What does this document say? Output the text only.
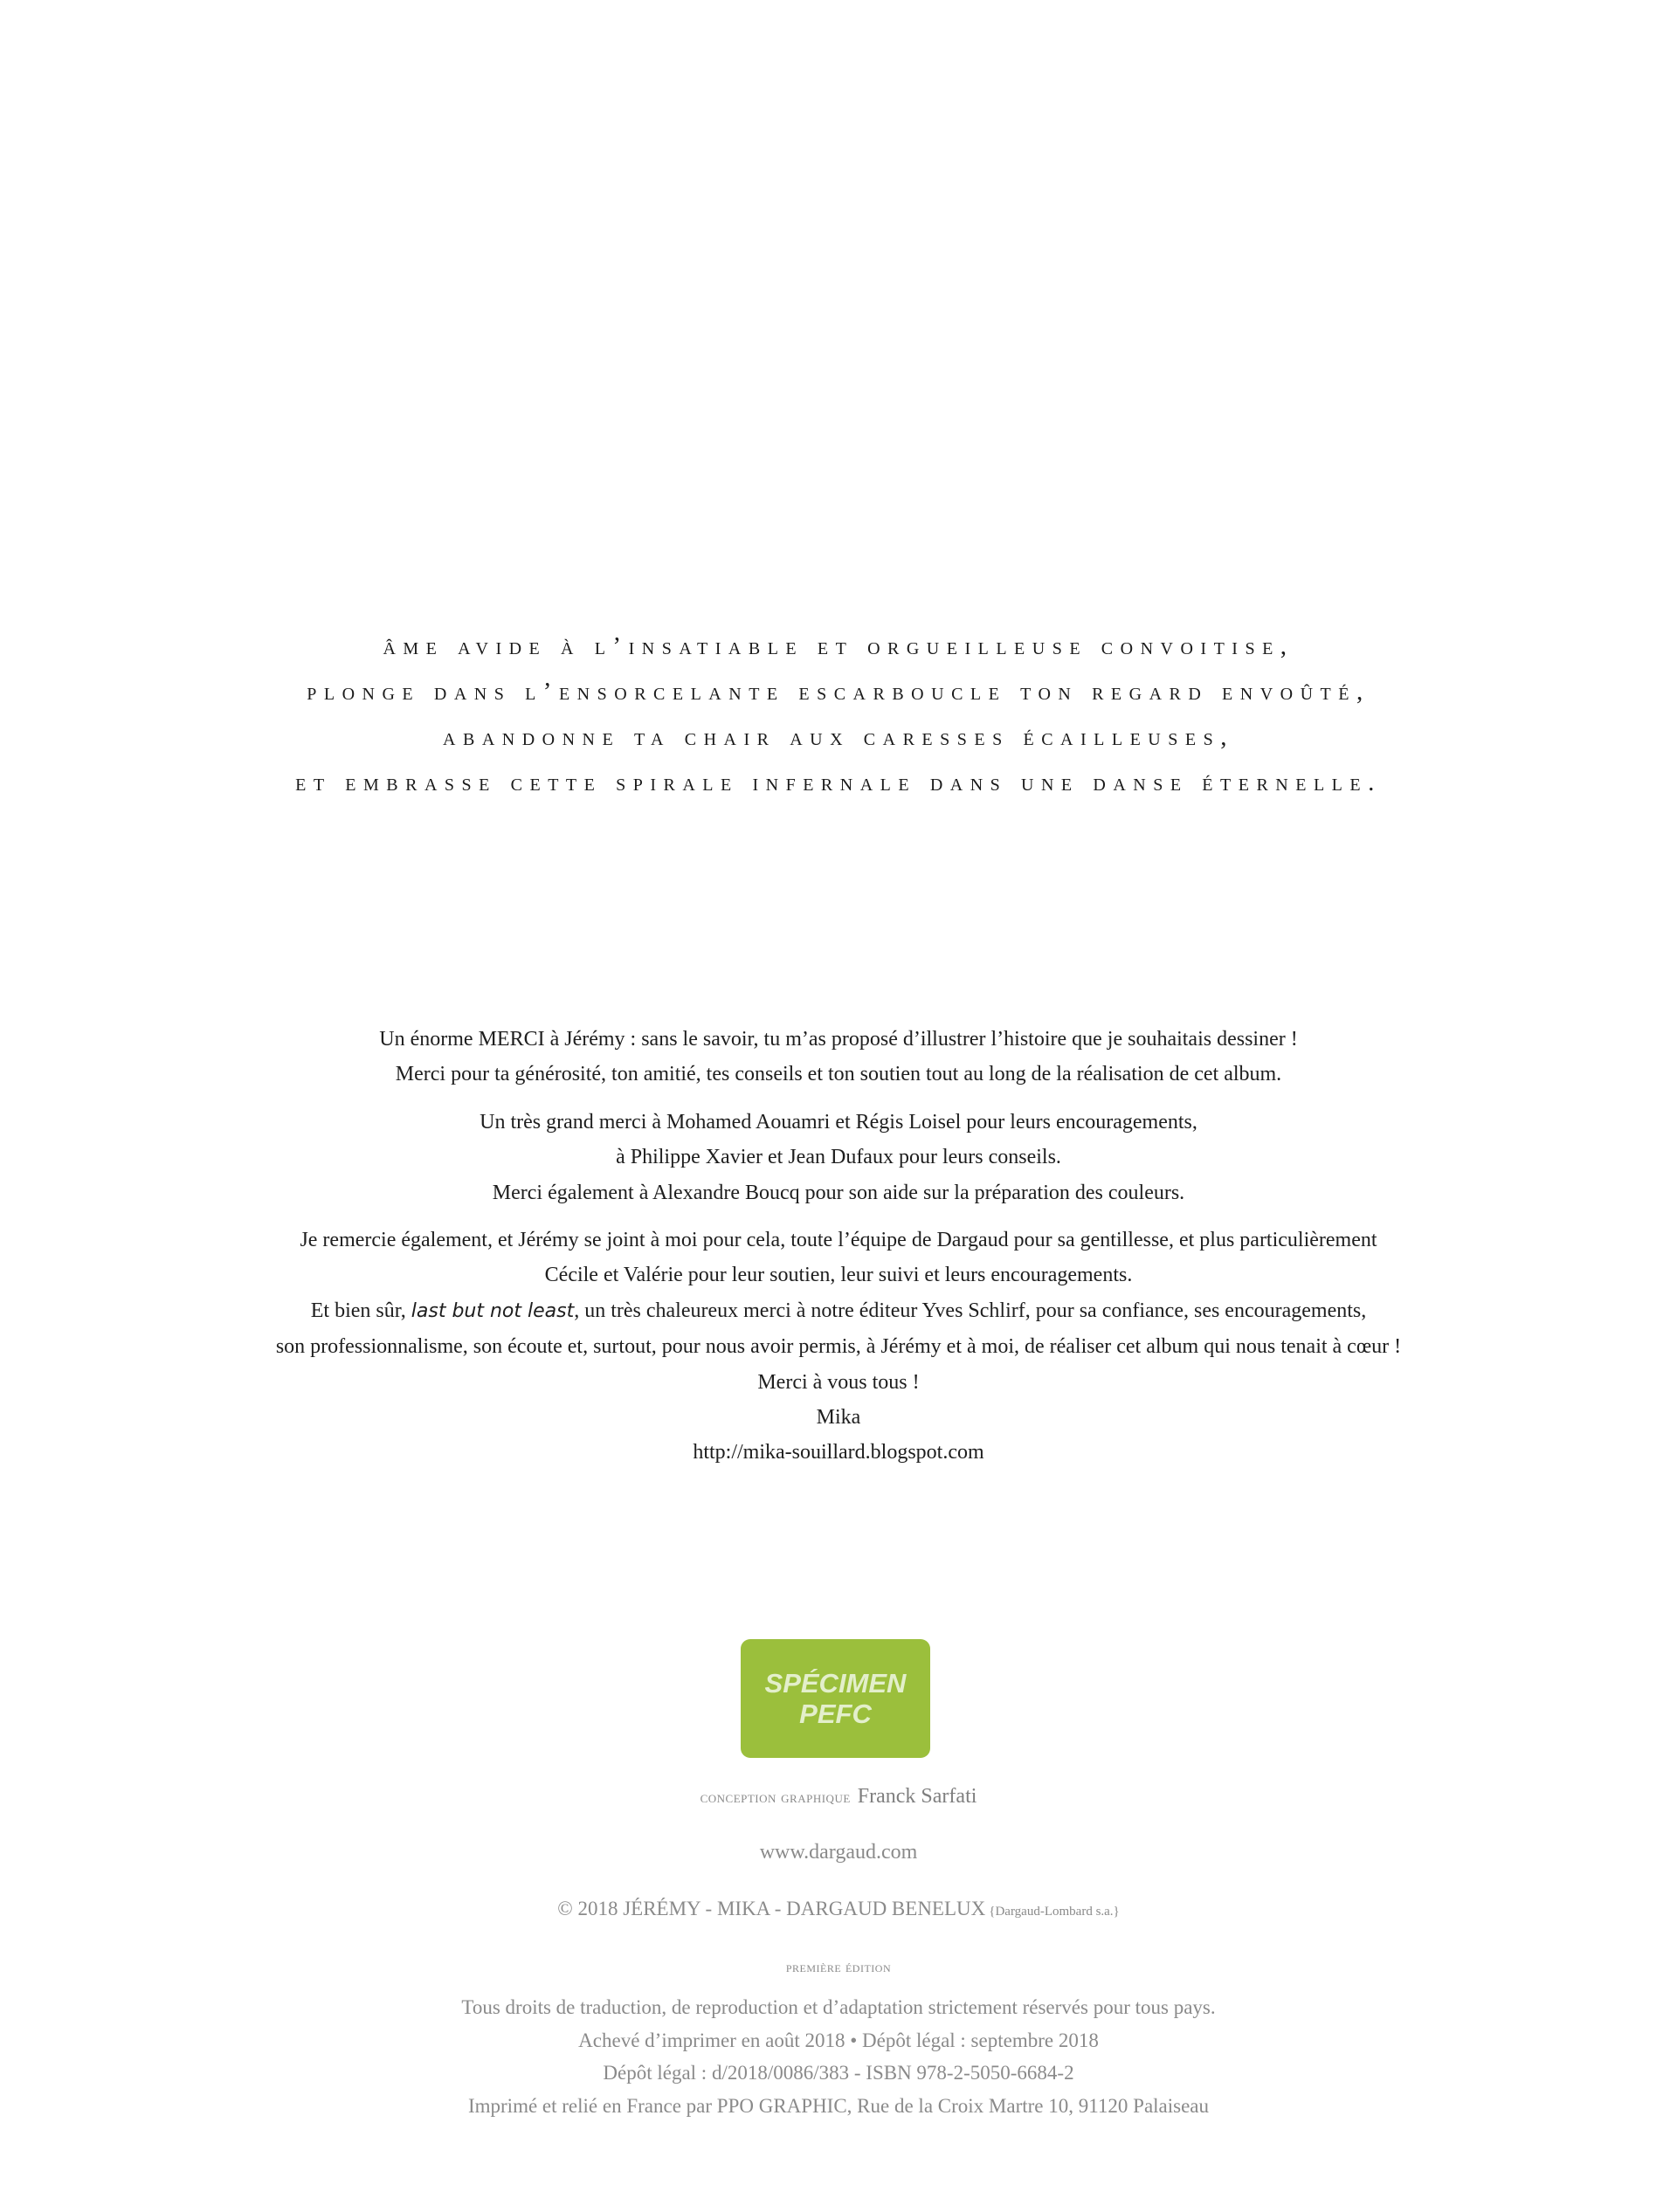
âme avide à l’insatiable et orgueilleuse convoitise,
plonge dans l’ensorcelante escarboucle ton regard envoûté,
abandonne ta chair aux caresses écailleuses,
et embrasse cette spirale infernale dans une danse éternelle.
Un énorme MERCI à Jérémy : sans le savoir, tu m’as proposé d’illustrer l’histoire que je souhaitais dessiner !
Merci pour ta générosité, ton amitié, tes conseils et ton soutien tout au long de la réalisation de cet album.
Un très grand merci à Mohamed Aouamri et Régis Loisel pour leurs encouragements,
à Philippe Xavier et Jean Dufaux pour leurs conseils.
Merci également à Alexandre Boucq pour son aide sur la préparation des couleurs.
Je remercie également, et Jérémy se joint à moi pour cela, toute l’équipe de Dargaud pour sa gentillesse, et plus particulièrement
Cécile et Valérie pour leur soutien, leur suivi et leurs encouragements.
Et bien sûr, last but not least, un très chaleureux merci à notre éditeur Yves Schlirf, pour sa confiance, ses encouragements,
son professionnalisme, son écoute et, surtout, pour nous avoir permis, à Jérémy et à moi, de réaliser cet album qui nous tenait à cœur !
Merci à vous tous !
Mika
http://mika-souillard.blogspot.com
SPÉCIMEN
PEFC
conception graphique Franck Sarfati
www.dargaud.com
© 2018 JÉRÉMY - MIKA - DARGAUD BENELUX {Dargaud-Lombard s.a.}
première édition
Tous droits de traduction, de reproduction et d’adaptation strictement réservés pour tous pays.
Achevé d’imprimer en août 2018 • Dépôt légal : septembre 2018
Dépôt légal : d/2018/0086/383 - ISBN 978-2-5050-6684-2
Imprimé et relié en France par PPO GRAPHIC, Rue de la Croix Martre 10, 91120 Palaiseau
